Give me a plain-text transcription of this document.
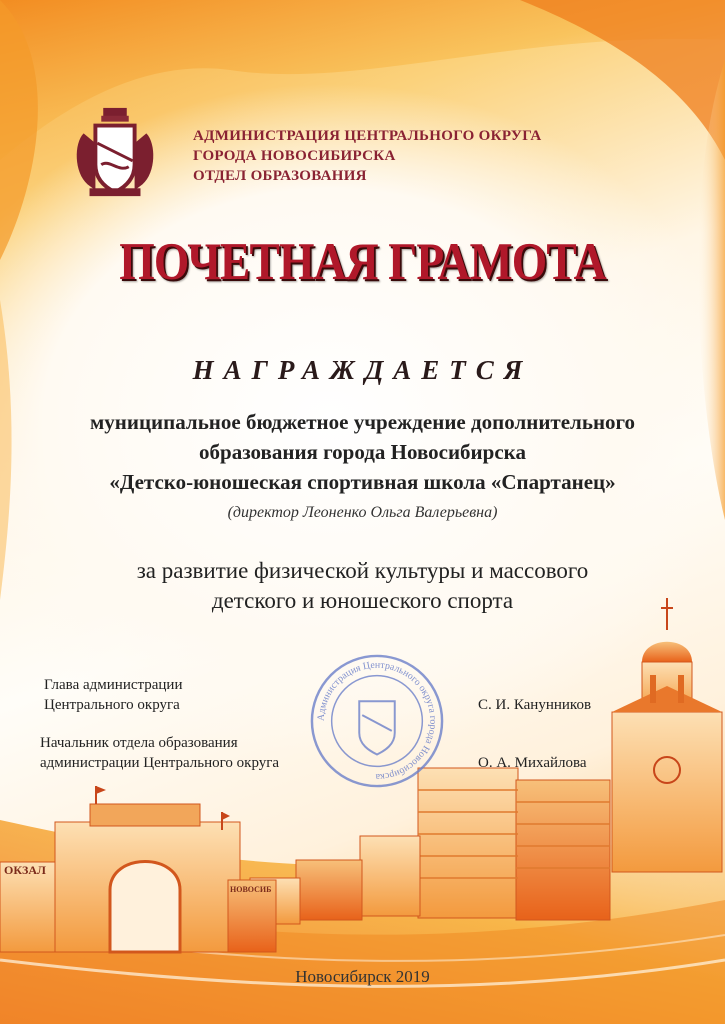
АДМИНИСТРАЦИЯ ЦЕНТРАЛЬНОГО ОКРУГА
ГОРОДА НОВОСИБИРСКА
ОТДЕЛ ОБРАЗОВАНИЯ
ПОЧЕТНАЯ ГРАМОТА
НАГРАЖДАЕТСЯ
муниципальное бюджетное учреждение дополнительного
образования города Новосибирска
«Детско-юношеская спортивная школа «Спартанец»
(директор Леоненко Ольга Валерьевна)
за развитие физической культуры и массового
детского и юношеского спорта
ОКЗАЛ
НОВОСИБ
Администрация Центрального округа города Новосибирска
Глава администрации
Центрального округа	С. И. Канунников
Начальник отдела образования
администрации Центрального округа	О. А. Михайлова
Новосибирск 2019
